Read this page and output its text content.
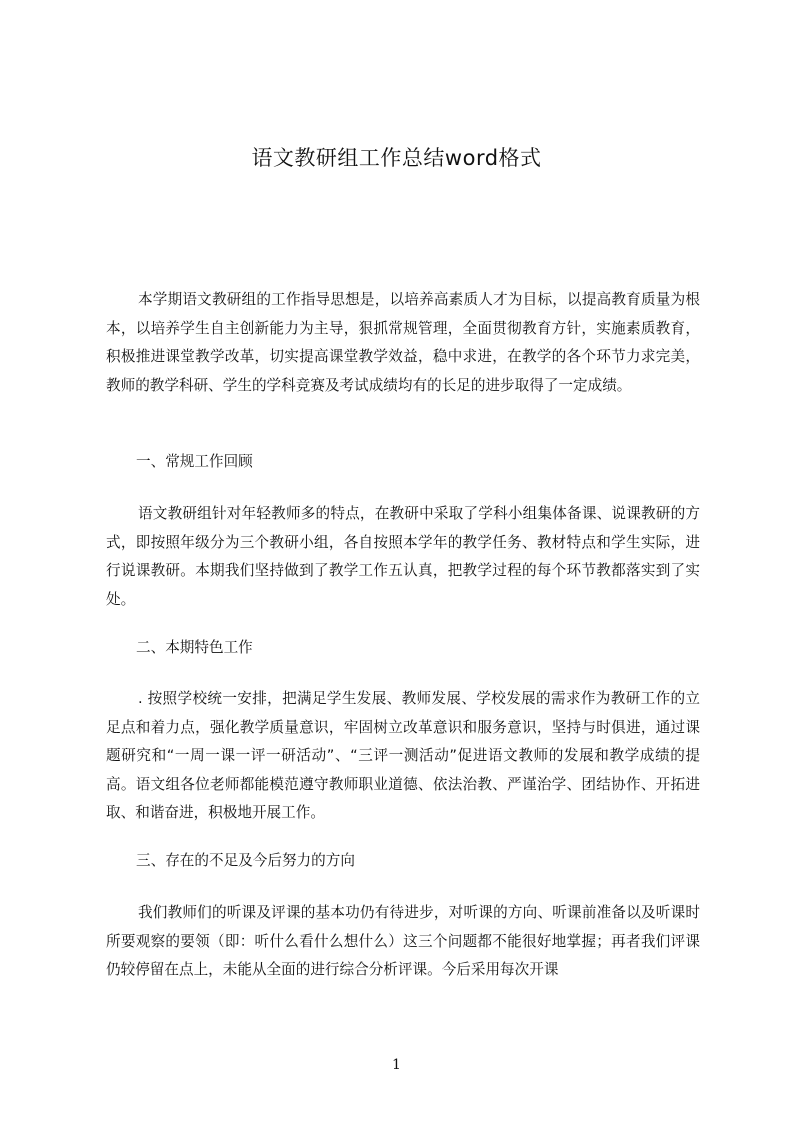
语文教研组工作总结word格式

本学期语文教研组的工作指导思想是，以培养高素质人才为目标，以提高教育质量为根本，以培养学生自主创新能力为主导，狠抓常规管理，全面贯彻教育方针，实施素质教育，积极推进课堂教学改革，切实提高课堂教学效益，稳中求进，在教学的各个环节力求完美，教师的教学科研、学生的学科竞赛及考试成绩均有的长足的进步取得了一定成绩。

一、常规工作回顾

语文教研组针对年轻教师多的特点，在教研中采取了学科小组集体备课、说课教研的方式，即按照年级分为三个教研小组，各自按照本学年的教学任务、教材特点和学生实际，进行说课教研。本期我们坚持做到了教学工作五认真，把教学过程的每个环节教都落实到了实处。

二、本期特色工作

. 按照学校统一安排，把满足学生发展、教师发展、学校发展的需求作为教研工作的立足点和着力点，强化教学质量意识，牢固树立改革意识和服务意识，坚持与时俱进，通过课题研究和“一周一课一评一研活动”、“三评一测活动”促进语文教师的发展和教学成绩的提高。语文组各位老师都能模范遵守教师职业道德、依法治教、严谨治学、团结协作、开拓进取、和谐奋进，积极地开展工作。

三、存在的不足及今后努力的方向

我们教师们的听课及评课的基本功仍有待进步，对听课的方向、听课前准备以及听课时所要观察的要领（即：听什么看什么想什么）这三个问题都不能很好地掌握；再者我们评课仍较停留在点上，未能从全面的进行综合分析评课。今后采用每次开课

1
